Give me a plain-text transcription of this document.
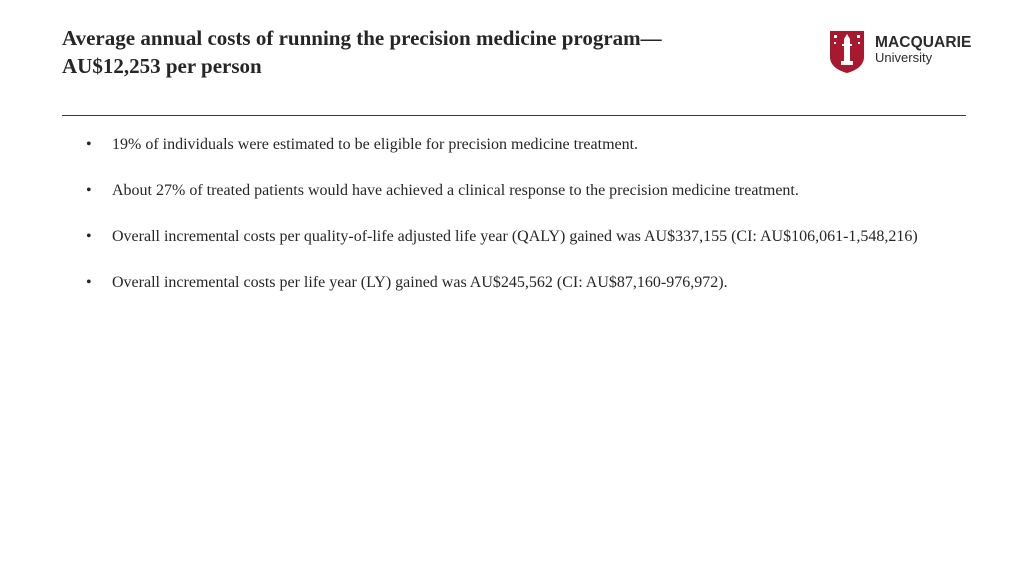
Average annual costs of running the precision medicine program—
AU$12,253 per person
MACQUARIE
University
• 19% of individuals were estimated to be eligible for precision medicine treatment.
• About 27% of treated patients would have achieved a clinical response to the precision medicine treatment.
• Overall incremental costs per quality-of-life adjusted life year (QALY) gained was AU$337,155 (CI: AU$106,061-1,548,216)
• Overall incremental costs per life year (LY) gained was AU$245,562 (CI: AU$87,160-976,972).
